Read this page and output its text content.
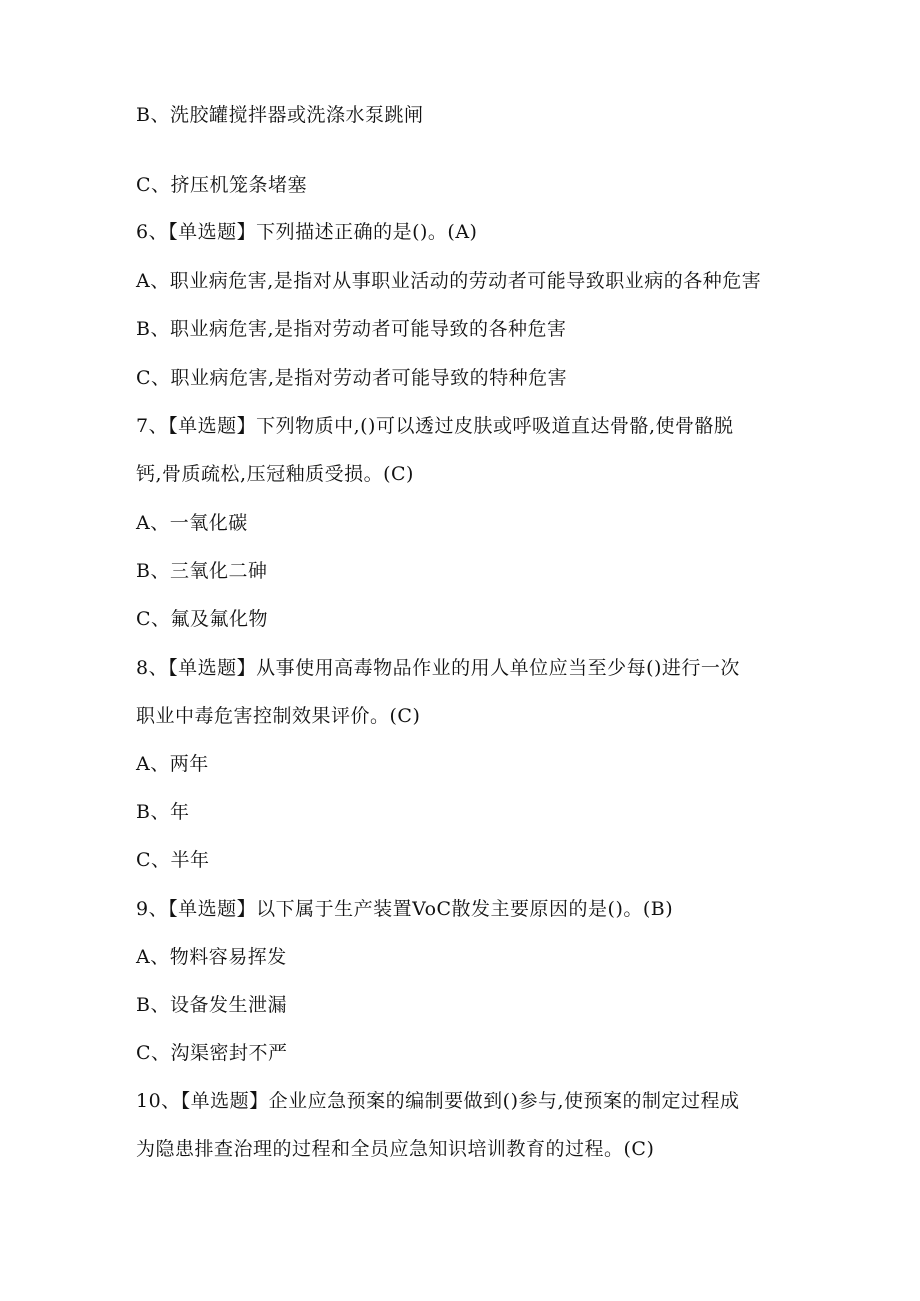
B、洗胶罐搅拌器或洗涤水泵跳闸
C、挤压机笼条堵塞
6、【单选题】下列描述正确的是()。(A)
A、职业病危害,是指对从事职业活动的劳动者可能导致职业病的各种危害
B、职业病危害,是指对劳动者可能导致的各种危害
C、职业病危害,是指对劳动者可能导致的特种危害
7、【单选题】下列物质中,()可以透过皮肤或呼吸道直达骨骼,使骨骼脱
钙,骨质疏松,压冠釉质受损。(C)
A、一氧化碳
B、三氧化二砷
C、氟及氟化物
8、【单选题】从事使用高毒物品作业的用人单位应当至少每()进行一次
职业中毒危害控制效果评价。(C)
A、两年
B、年
C、半年
9、【单选题】以下属于生产装置VoC散发主要原因的是()。(B)
A、物料容易挥发
B、设备发生泄漏
C、沟渠密封不严
10、【单选题】企业应急预案的编制要做到()参与,使预案的制定过程成
为隐患排查治理的过程和全员应急知识培训教育的过程。(C)
